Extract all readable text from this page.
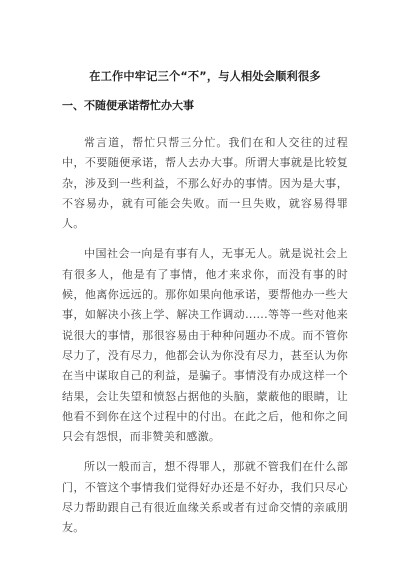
在工作中牢记三个“不”，与人相处会顺利很多
一、不随便承诺帮忙办大事

常言道，帮忙只帮三分忙。我们在和人交往的过程中，不要随便承诺，帮人去办大事。所谓大事就是比较复杂，涉及到一些利益，不那么好办的事情。因为是大事，不容易办，就有可能会失败。而一旦失败，就容易得罪人。

中国社会一向是有事有人，无事无人。就是说社会上有很多人，他是有了事情，他才来求你，而没有事的时候，他离你远远的。那你如果向他承诺，要帮他办一些大事，如解决小孩上学、解决工作调动......等等一些对他来说很大的事情，那很容易由于种种问题办不成。而不管你尽力了，没有尽力，他都会认为你没有尽力，甚至认为你在当中谋取自己的利益，是骗子。事情没有办成这样一个结果，会让失望和愤怒占据他的头脑，蒙蔽他的眼睛，让他看不到你在这个过程中的付出。在此之后，他和你之间只会有怨恨，而非赞美和感激。

所以一般而言，想不得罪人，那就不管我们在什么部门，不管这个事情我们觉得好办还是不好办，我们只尽心尽力帮助跟自己有很近血缘关系或者有过命交情的亲戚朋友。
